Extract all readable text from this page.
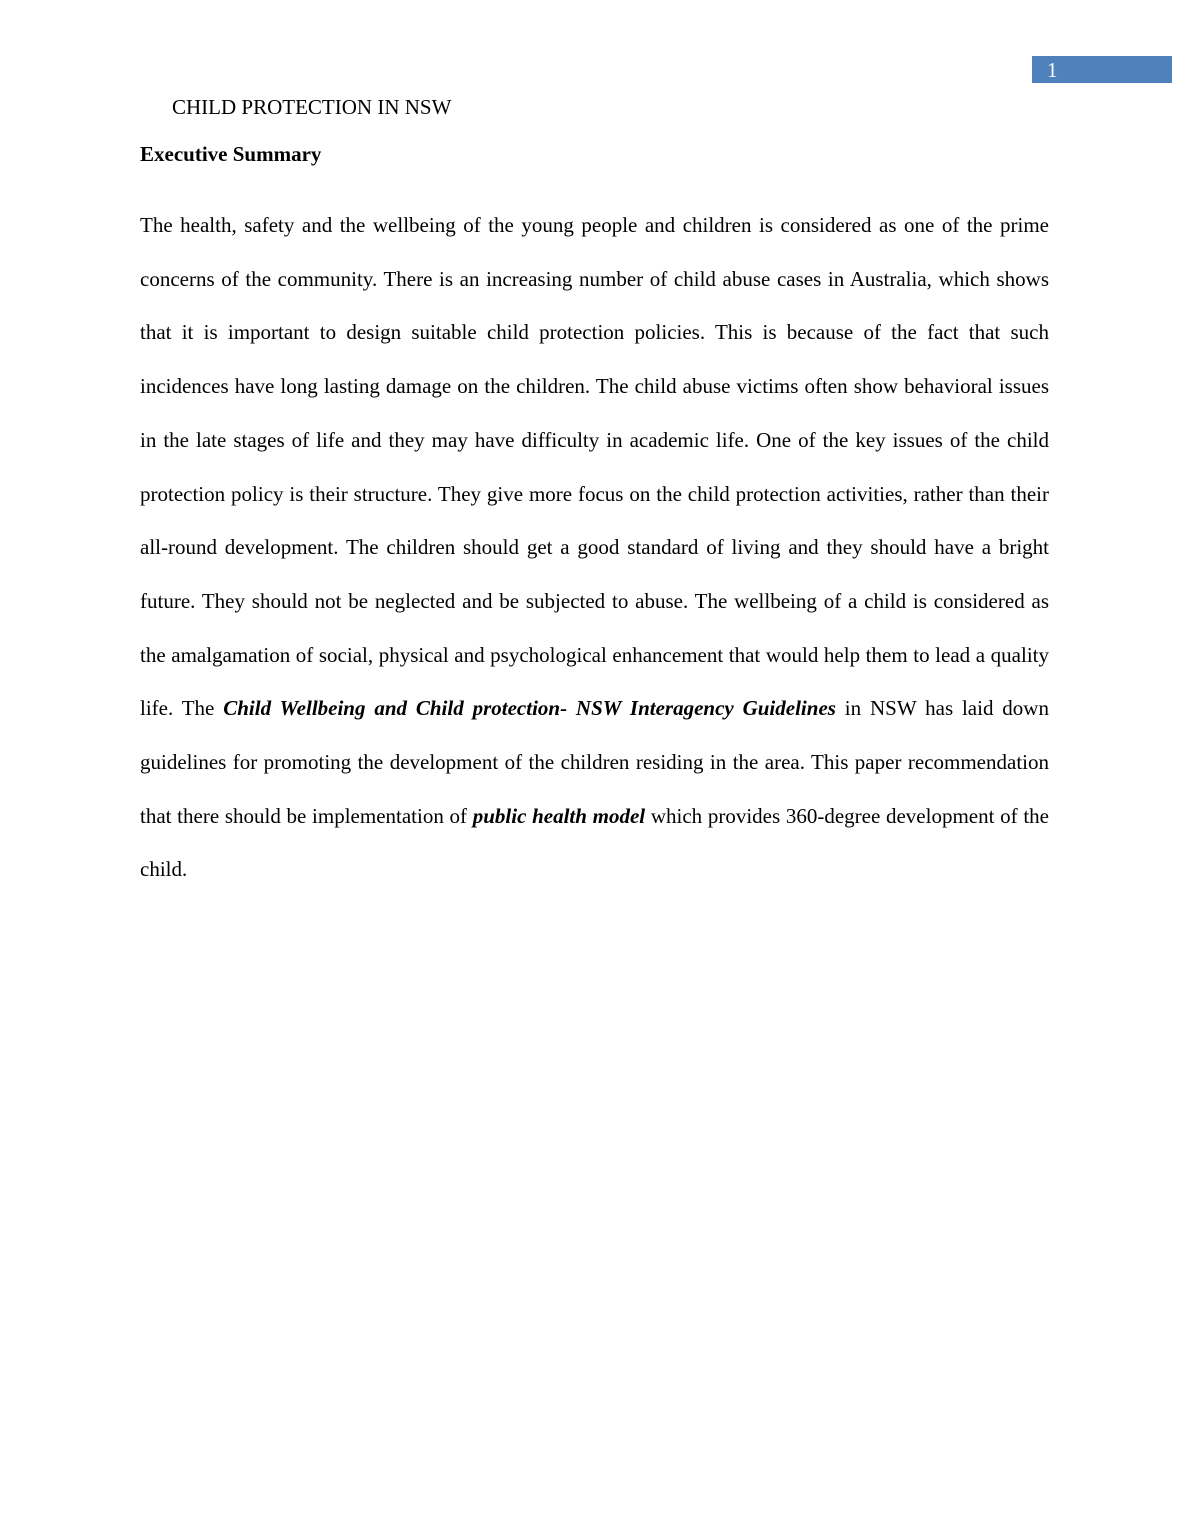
1
CHILD PROTECTION IN NSW
Executive Summary

The health, safety and the wellbeing of the young people and children is considered as one of the prime concerns of the community. There is an increasing number of child abuse cases in Australia, which shows that it is important to design suitable child protection policies. This is because of the fact that such incidences have long lasting damage on the children. The child abuse victims often show behavioral issues in the late stages of life and they may have difficulty in academic life. One of the key issues of the child protection policy is their structure. They give more focus on the child protection activities, rather than their all-round development. The children should get a good standard of living and they should have a bright future. They should not be neglected and be subjected to abuse. The wellbeing of a child is considered as the amalgamation of social, physical and psychological enhancement that would help them to lead a quality life. The Child Wellbeing and Child protection- NSW Interagency Guidelines in NSW has laid down guidelines for promoting the development of the children residing in the area. This paper recommendation that there should be implementation of public health model which provides 360-degree development of the child.
